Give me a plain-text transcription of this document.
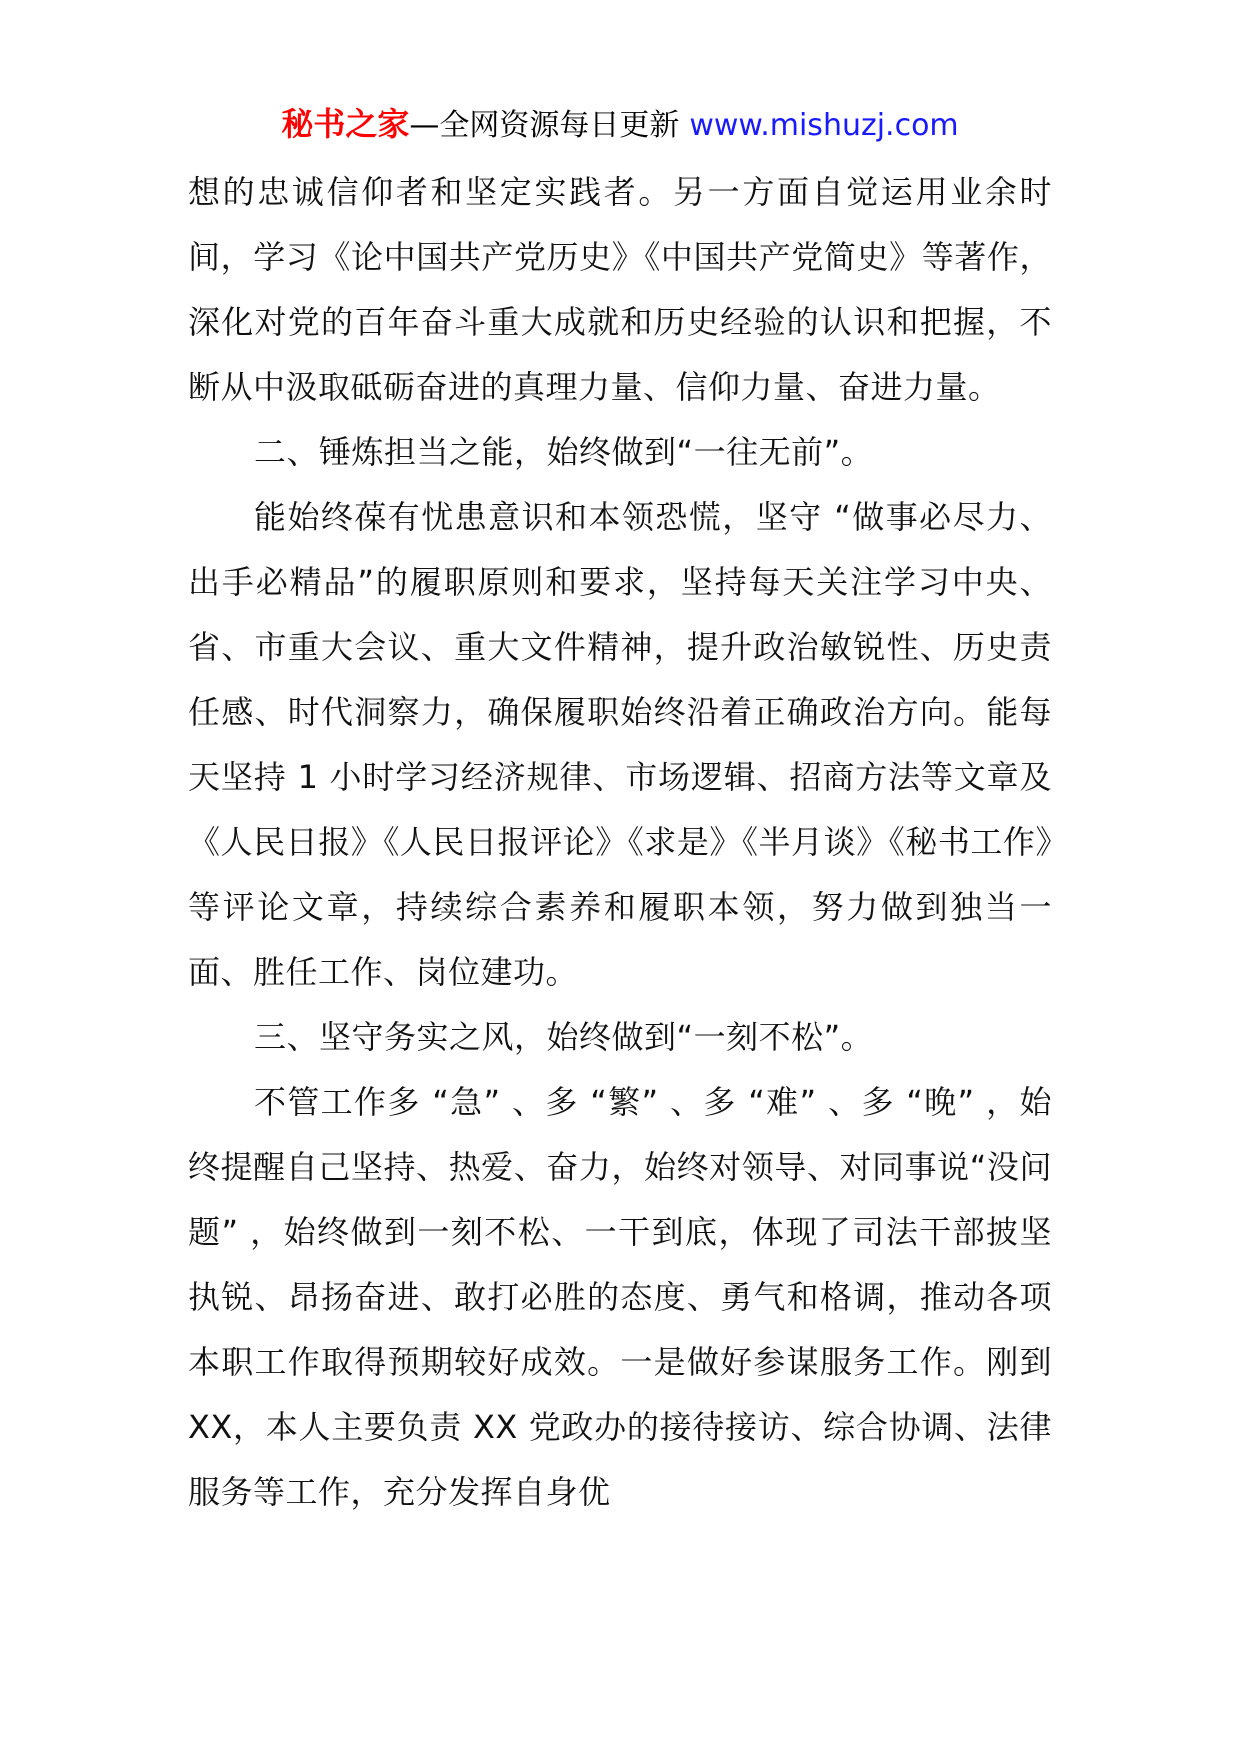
秘书之家—全网资源每日更新 www.mishuzj.com

想的忠诚信仰者和坚定实践者。另一方面自觉运用业余时间，学习《论中国共产党历史》《中国共产党简史》等著作，深化对党的百年奋斗重大成就和历史经验的认识和把握，不断从中汲取砥砺奋进的真理力量、信仰力量、奋进力量。

二、锤炼担当之能，始终做到“一往无前”。

能始终葆有忧患意识和本领恐慌，坚守 “做事必尽力、出手必精品”的履职原则和要求，坚持每天关注学习中央、省、市重大会议、重大文件精神，提升政治敏锐性、历史责任感、时代洞察力，确保履职始终沿着正确政治方向。能每天坚持 1 小时学习经济规律、市场逻辑、招商方法等文章及《人民日报》《人民日报评论》《求是》《半月谈》《秘书工作》等评论文章，持续综合素养和履职本领，努力做到独当一面、胜任工作、岗位建功。

三、坚守务实之风，始终做到“一刻不松”。

不管工作多 “急” 、多 “繁” 、多 “难” 、多 “晚” ，始终提醒自己坚持、热爱、奋力，始终对领导、对同事说“没问题” ，始终做到一刻不松、一干到底，体现了司法干部披坚执锐、昂扬奋进、敢打必胜的态度、勇气和格调，推动各项本职工作取得预期较好成效。一是做好参谋服务工作。刚到 XX，本人主要负责 XX 党政办的接待接访、综合协调、法律服务等工作，充分发挥自身优
